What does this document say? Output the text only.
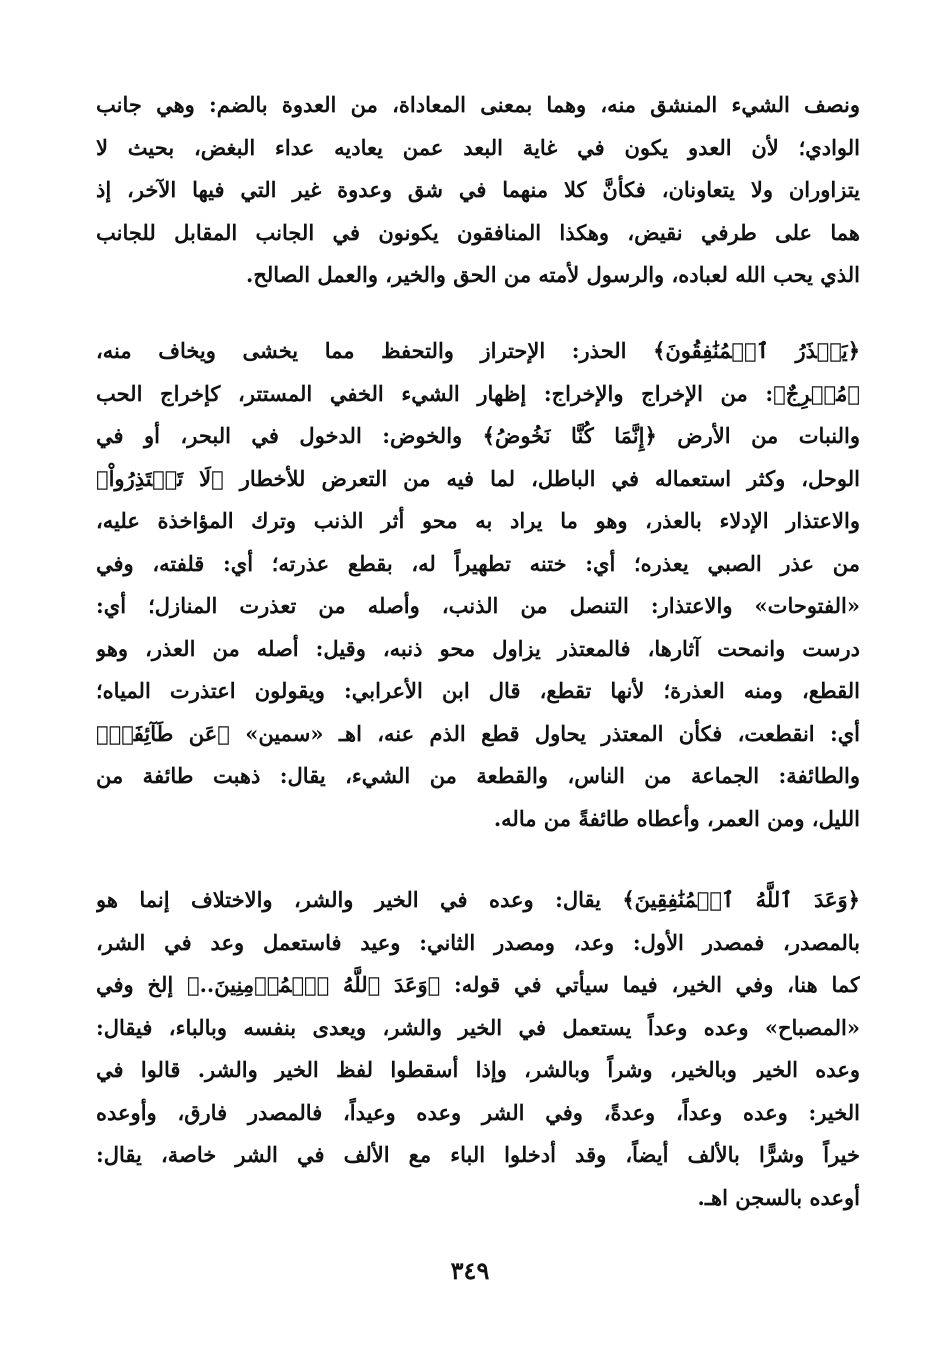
ونصف الشيء المنشق منه، وهما بمعنى المعاداة، من العدوة بالضم: وهي جانب
الوادي؛ لأن العدو يكون في غاية البعد عمن يعاديه عداء البغض، بحيث لا
يتزاوران ولا يتعاونان، فكأنَّ كلا منهما في شق وعدوة غير التي فيها الآخر، إذ
هما على طرفي نقيض، وهكذا المنافقون يكونون في الجانب المقابل للجانب
الذي يحب الله لعباده، والرسول لأمته من الحق والخير، والعمل الصالح.
﴿يَحۡذَرُ ٱلۡمُنَٰفِقُونَ﴾ الحذر: الإحتراز والتحفظ مما يخشى ويخاف منه،
﴿مُخۡرِجٌ﴾: من الإخراج والإخراج: إظهار الشيء الخفي المستتر، كإخراج الحب
والنبات من الأرض ﴿إِنَّمَا كُنَّا نَخُوضُ﴾ والخوض: الدخول في البحر، أو في
الوحل، وكثر استعماله في الباطل، لما فيه من التعرض للأخطار ﴿لَا تَعۡتَذِرُواْ﴾
والاعتذار الإدلاء بالعذر، وهو ما يراد به محو أثر الذنب وترك المؤاخذة عليه،
من عذر الصبي يعذره؛ أي: ختنه تطهيراً له، بقطع عذرته؛ أي: قلفته، وفي
«الفتوحات» والاعتذار: التنصل من الذنب، وأصله من تعذرت المنازل؛ أي:
درست وانمحت آثارها، فالمعتذر يزاول محو ذنبه، وقيل: أصله من العذر، وهو
القطع، ومنه العذرة؛ لأنها تقطع، قال ابن الأعرابي: ويقولون اعتذرت المياه؛
أي: انقطعت، فكأن المعتذر يحاول قطع الذم عنه، اهـ «سمين» ﴿عَن طَآئِفَةٖ﴾
والطائفة: الجماعة من الناس، والقطعة من الشيء، يقال: ذهبت طائفة من
الليل، ومن العمر، وأعطاه طائفةً من ماله.
﴿وَعَدَ ٱللَّهُ ٱلۡمُنَٰفِقِينَ﴾ يقال: وعده في الخير والشر، والاختلاف إنما هو
بالمصدر، فمصدر الأول: وعد، ومصدر الثاني: وعيد فاستعمل وعد في الشر،
كما هنا، وفي الخير، فيما سيأتي في قوله: ﴿وَعَدَ ٱللَّهُ ٱلۡمُؤۡمِنِينَ..﴾ إلخ وفي
«المصباح» وعده وعداً يستعمل في الخير والشر، ويعدى بنفسه وبالباء، فيقال:
وعده الخير وبالخير، وشراً وبالشر، وإذا أسقطوا لفظ الخير والشر. قالوا في
الخير: وعده وعداً، وعدةً، وفي الشر وعده وعيداً، فالمصدر فارق، وأوعده
خيراً وشرًّا بالألف أيضاً، وقد أدخلوا الباء مع الألف في الشر خاصة، يقال:
أوعده بالسجن اهـ.
٣٤٩
